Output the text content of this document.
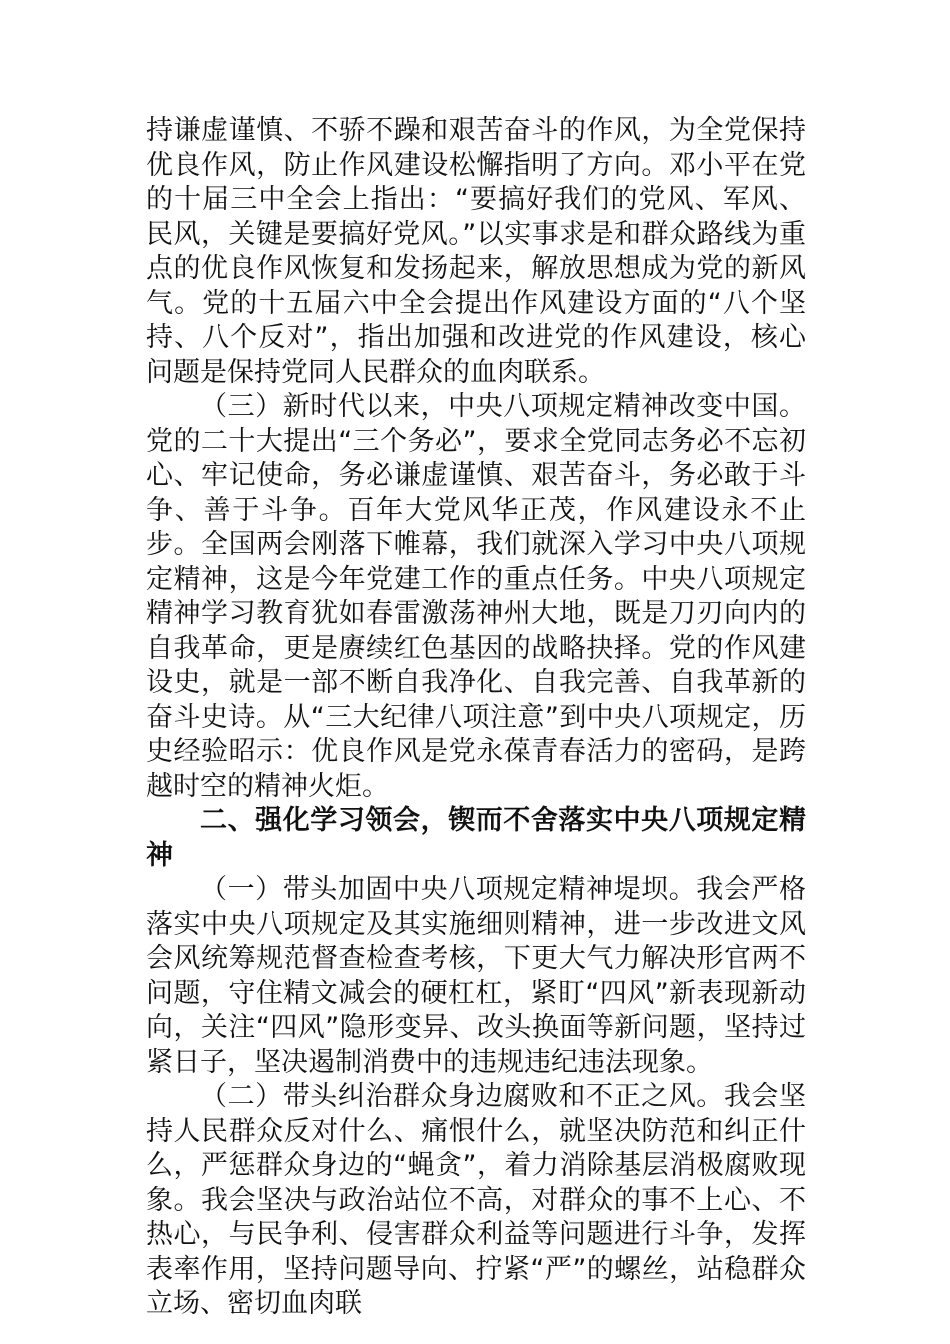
持谦虚谨慎、不骄不躁和艰苦奋斗的作风，为全党保持优良作风，防止作风建设松懈指明了方向。邓小平在党的十届三中全会上指出：“要搞好我们的党风、军风、民风，关键是要搞好党风。”以实事求是和群众路线为重点的优良作风恢复和发扬起来，解放思想成为党的新风气。党的十五届六中全会提出作风建设方面的“八个坚持、八个反对”，指出加强和改进党的作风建设，核心问题是保持党同人民群众的血肉联系。

（三）新时代以来，中央八项规定精神改变中国。党的二十大提出“三个务必”，要求全党同志务必不忘初心、牢记使命，务必谦虚谨慎、艰苦奋斗，务必敢于斗争、善于斗争。百年大党风华正茂，作风建设永不止步。全国两会刚落下帷幕，我们就深入学习中央八项规定精神，这是今年党建工作的重点任务。中央八项规定精神学习教育犹如春雷激荡神州大地，既是刀刃向内的自我革命，更是赓续红色基因的战略抉择。党的作风建设史，就是一部不断自我净化、自我完善、自我革新的奋斗史诗。从“三大纪律八项注意”到中央八项规定，历史经验昭示：优良作风是党永葆青春活力的密码，是跨越时空的精神火炬。

二、强化学习领会，锲而不舍落实中央八项规定精神

（一）带头加固中央八项规定精神堤坝。我会严格落实中央八项规定及其实施细则精神，进一步改进文风会风统筹规范督查检查考核，下更大气力解决形官两不问题，守住精文减会的硬杠杠，紧盯“四风”新表现新动向，关注“四风”隐形变异、改头换面等新问题，坚持过紧日子，坚决遏制消费中的违规违纪违法现象。

（二）带头纠治群众身边腐败和不正之风。我会坚持人民群众反对什么、痛恨什么，就坚决防范和纠正什么，严惩群众身边的“蝇贪”，着力消除基层消极腐败现象。我会坚决与政治站位不高，对群众的事不上心、不热心，与民争利、侵害群众利益等问题进行斗争，发挥表率作用，坚持问题导向、拧紧“严”的螺丝，站稳群众立场、密切血肉联
